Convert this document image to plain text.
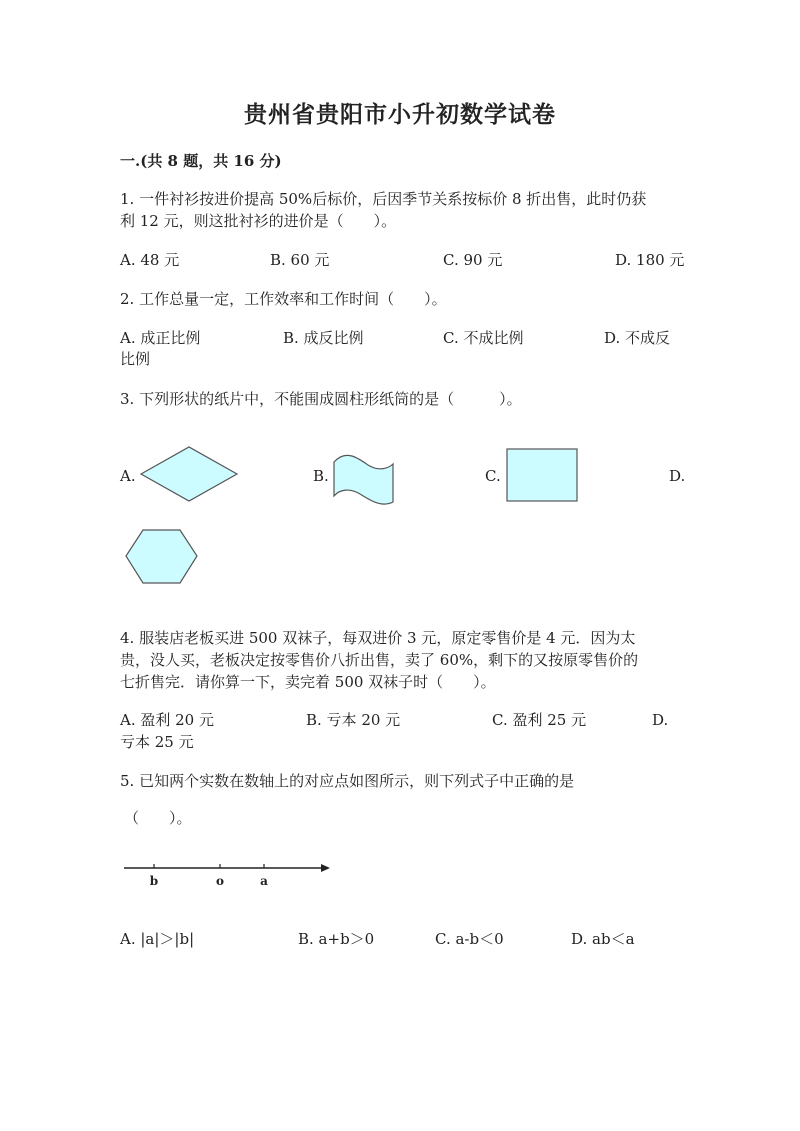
贵州省贵阳市小升初数学试卷
一.(共 8 题，共 16 分)
1. 一件衬衫按进价提高 50%后标价，后因季节关系按标价 8 折出售，此时仍获
利 12 元，则这批衬衫的进价是（　　）。
A. 48 元	B. 60 元	C. 90 元	D. 180 元
2. 工作总量一定，工作效率和工作时间（　　）。
A. 成正比例	B. 成反比例	C. 不成比例	D. 不成反
比例
3. 下列形状的纸片中，不能围成圆柱形纸筒的是（　　　）。
A.	B.	C.	D.
4. 服装店老板买进 500 双袜子，每双进价 3 元，原定零售价是 4 元．因为太
贵，没人买，老板决定按零售价八折出售，卖了 60%，剩下的又按原零售价的
七折售完．请你算一下，卖完着 500 双袜子时（　　）。
A. 盈利 20 元	B. 亏本 20 元	C. 盈利 25 元	D.
亏本 25 元
5. 已知两个实数在数轴上的对应点如图所示，则下列式子中正确的是
（　　）。
b	o	a
A. |a|＞|b|	B. a+b＞0	C. a-b＜0	D. ab＜a
